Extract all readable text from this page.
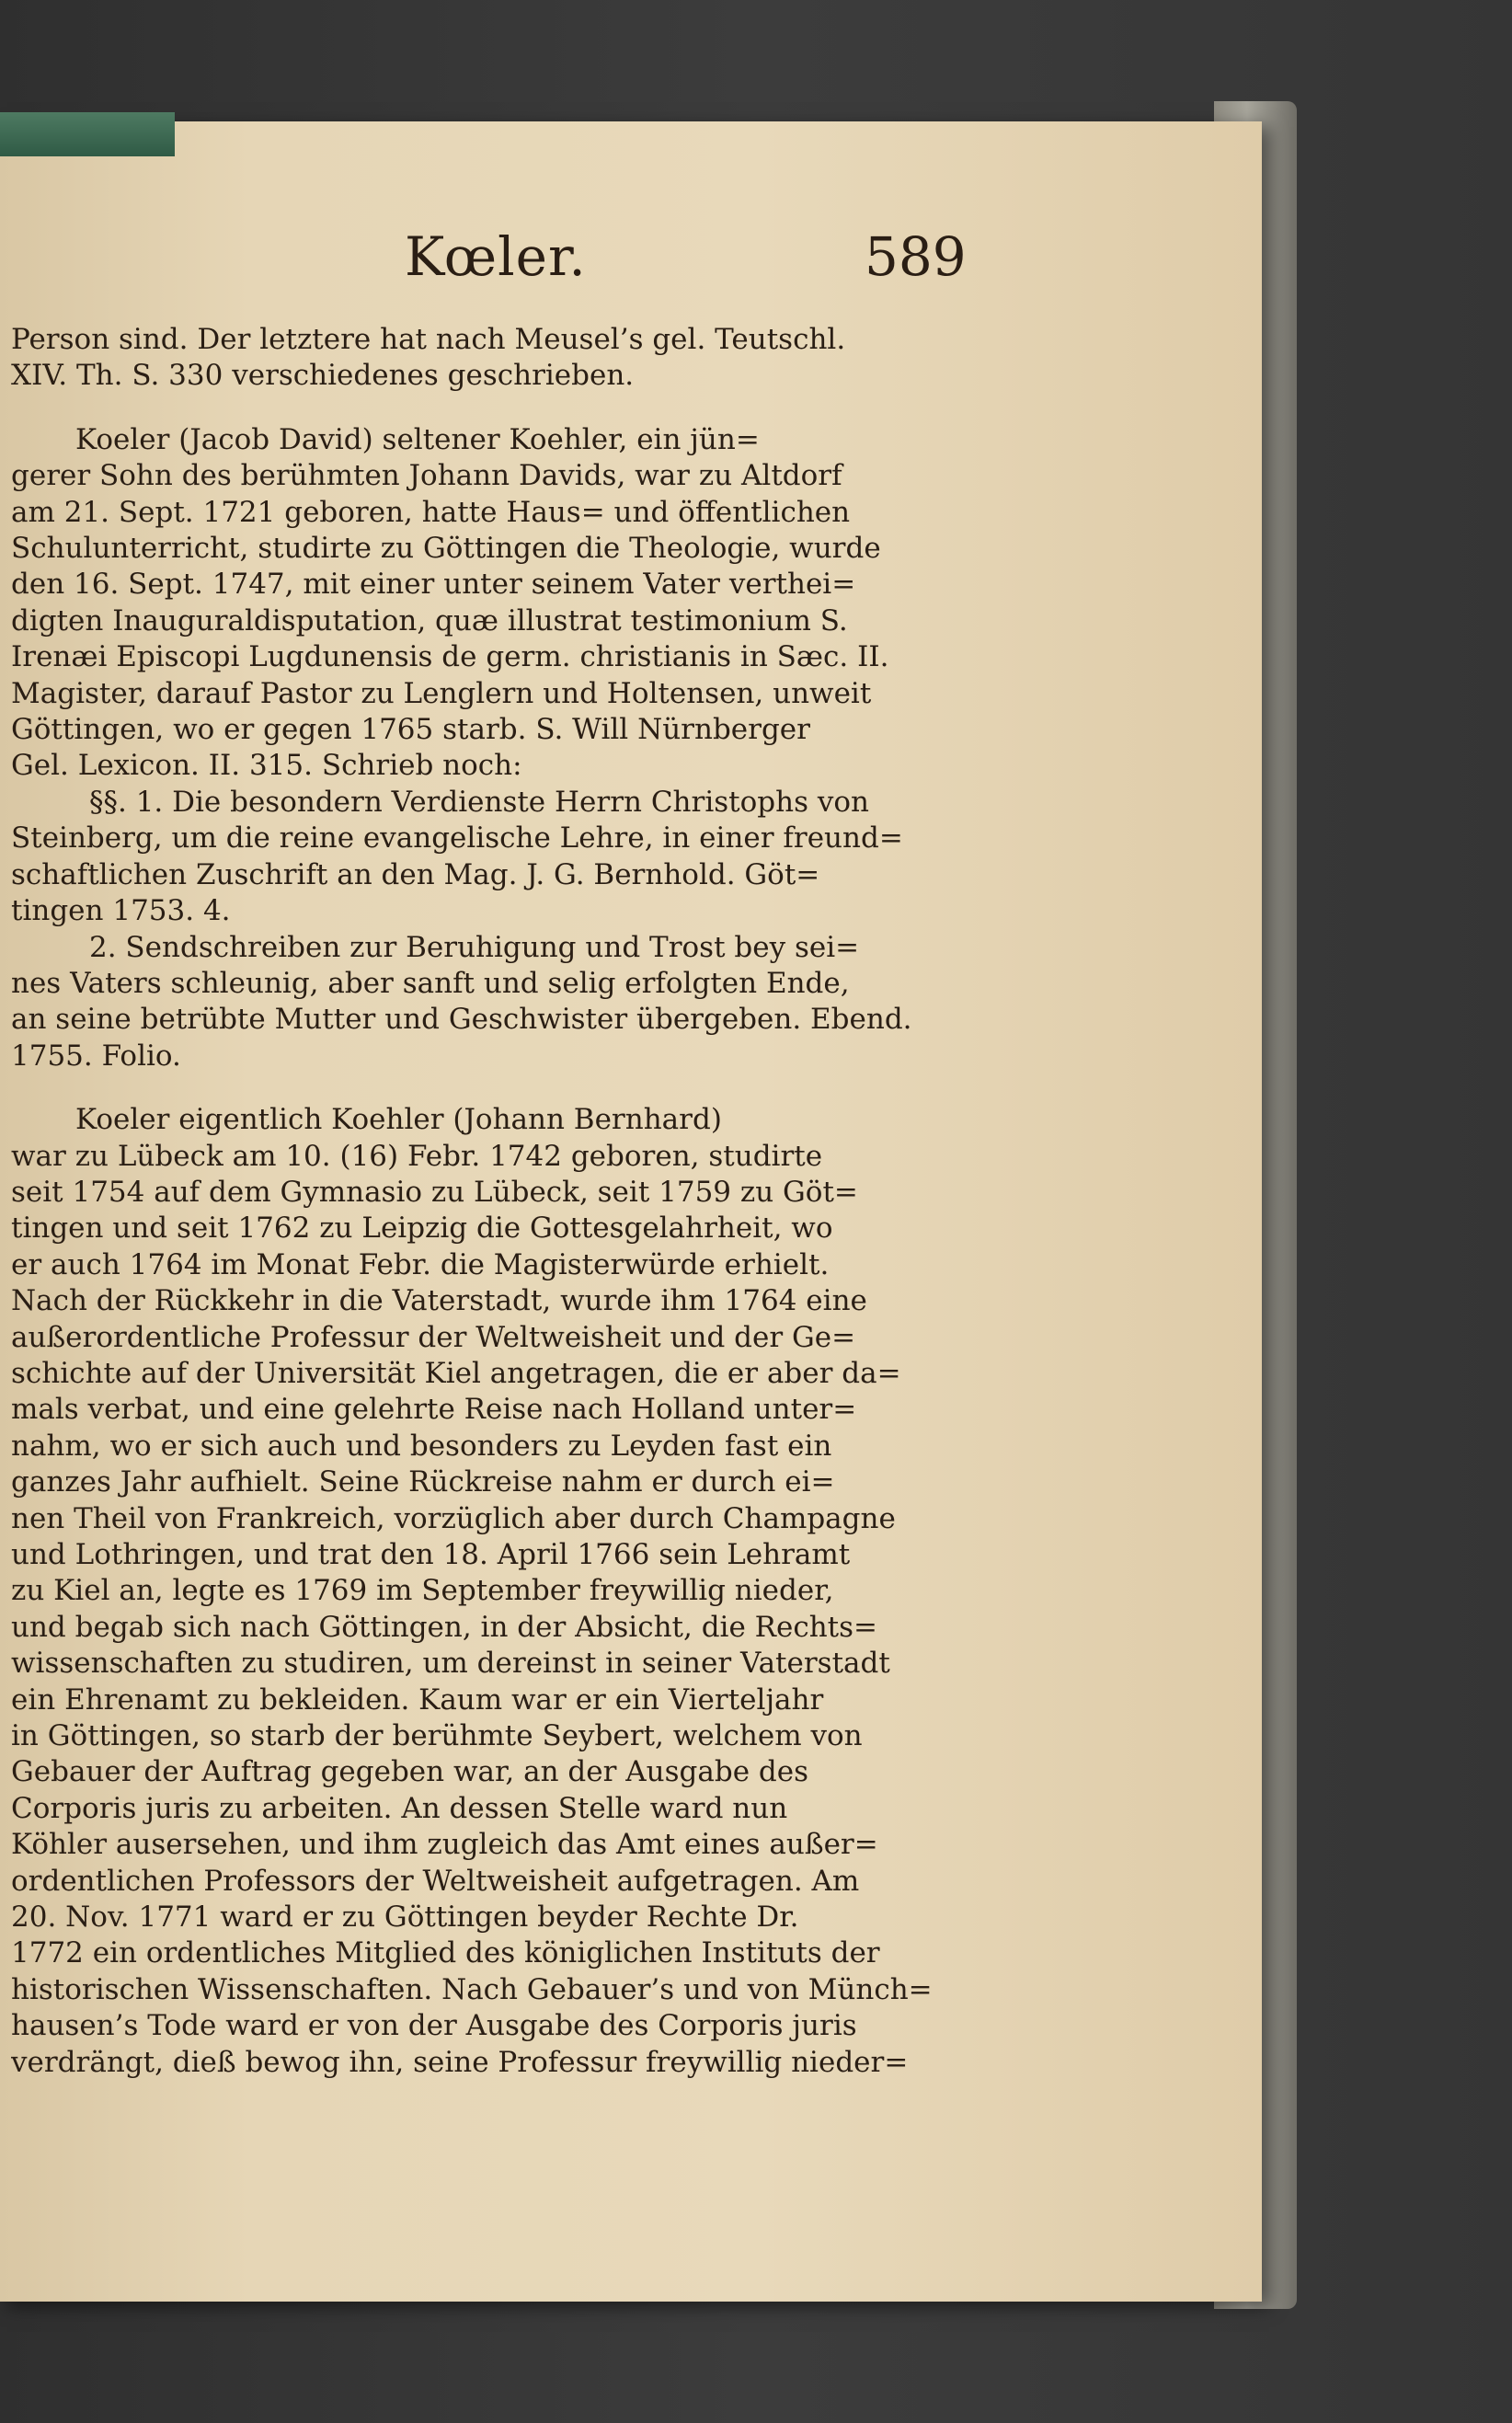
Kœler.	589
Person sind. Der letztere hat nach Meusel’s gel. Teutschl.
XIV. Th. S. 330 verschiedenes geschrieben.
Koeler (Jacob David) seltener Koehler, ein jün=
gerer Sohn des berühmten Johann Davids, war zu Altdorf
am 21. Sept. 1721 geboren, hatte Haus= und öffentlichen
Schulunterricht, studirte zu Göttingen die Theologie, wurde
den 16. Sept. 1747, mit einer unter seinem Vater verthei=
digten Inauguraldisputation, quæ illustrat testimonium S.
Irenæi Episcopi Lugdunensis de germ. christianis in Sæc. II.
Magister, darauf Pastor zu Lenglern und Holtensen, unweit
Göttingen, wo er gegen 1765 starb. S. Will Nürnberger
Gel. Lexicon. II. 315. Schrieb noch:
§§. 1. Die besondern Verdienste Herrn Christophs von
Steinberg, um die reine evangelische Lehre, in einer freund=
schaftlichen Zuschrift an den Mag. J. G. Bernhold. Göt=
tingen 1753. 4.
2. Sendschreiben zur Beruhigung und Trost bey sei=
nes Vaters schleunig, aber sanft und selig erfolgten Ende,
an seine betrübte Mutter und Geschwister übergeben. Ebend.
1755. Folio.
Koeler eigentlich Koehler (Johann Bernhard)
war zu Lübeck am 10. (16) Febr. 1742 geboren, studirte
seit 1754 auf dem Gymnasio zu Lübeck, seit 1759 zu Göt=
tingen und seit 1762 zu Leipzig die Gottesgelahrheit, wo
er auch 1764 im Monat Febr. die Magisterwürde erhielt.
Nach der Rückkehr in die Vaterstadt, wurde ihm 1764 eine
außerordentliche Professur der Weltweisheit und der Ge=
schichte auf der Universität Kiel angetragen, die er aber da=
mals verbat, und eine gelehrte Reise nach Holland unter=
nahm, wo er sich auch und besonders zu Leyden fast ein
ganzes Jahr aufhielt. Seine Rückreise nahm er durch ei=
nen Theil von Frankreich, vorzüglich aber durch Champagne
und Lothringen, und trat den 18. April 1766 sein Lehramt
zu Kiel an, legte es 1769 im September freywillig nieder,
und begab sich nach Göttingen, in der Absicht, die Rechts=
wissenschaften zu studiren, um dereinst in seiner Vaterstadt
ein Ehrenamt zu bekleiden. Kaum war er ein Vierteljahr
in Göttingen, so starb der berühmte Seybert, welchem von
Gebauer der Auftrag gegeben war, an der Ausgabe des
Corporis juris zu arbeiten. An dessen Stelle ward nun
Köhler ausersehen, und ihm zugleich das Amt eines außer=
ordentlichen Professors der Weltweisheit aufgetragen. Am
20. Nov. 1771 ward er zu Göttingen beyder Rechte Dr.
1772 ein ordentliches Mitglied des königlichen Instituts der
historischen Wissenschaften. Nach Gebauer’s und von Münch=
hausen’s Tode ward er von der Ausgabe des Corporis juris
verdrängt, dieß bewog ihn, seine Professur freywillig nieder=
